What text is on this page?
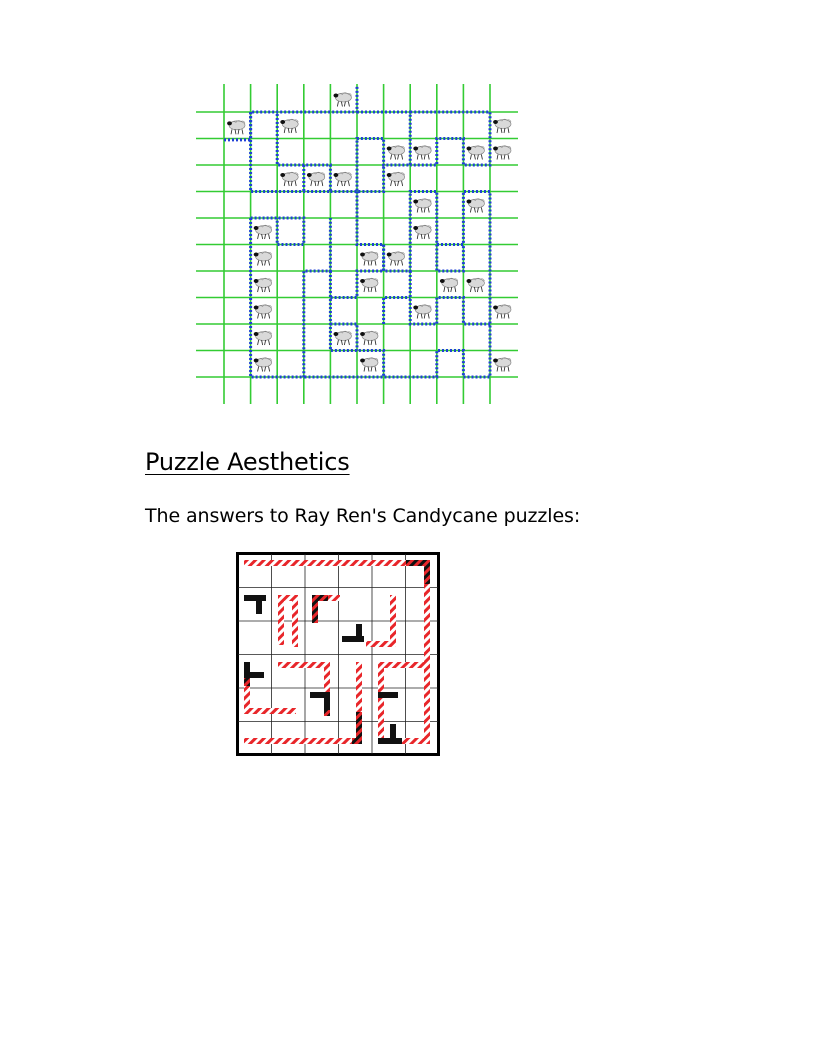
Puzzle Aesthetics

The answers to Ray Ren's Candycane puzzles:
